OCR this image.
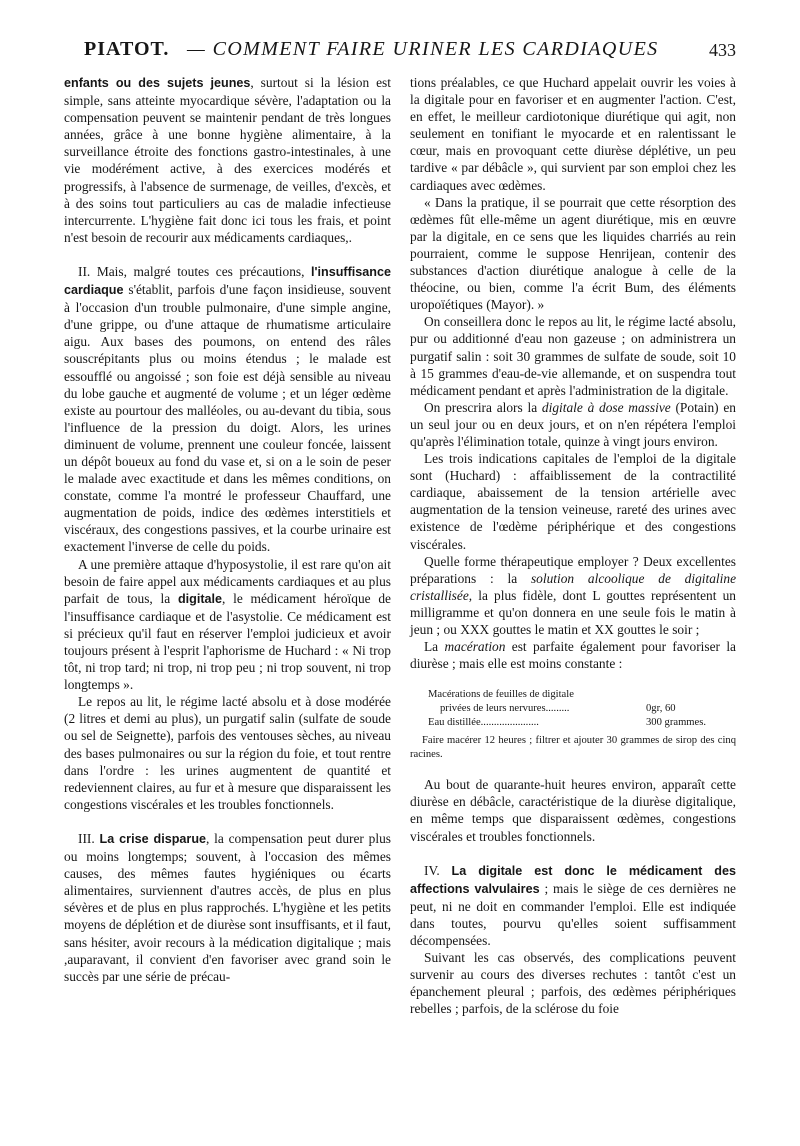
PIATOT. — COMMENT FAIRE URINER LES CARDIAQUES	433

enfants ou des sujets jeunes, surtout si la lésion est simple, sans atteinte myocardique sévère, l'adaptation ou la compensation peuvent se maintenir pendant de très longues années, grâce à une bonne hygiène alimentaire, à la surveillance étroite des fonctions gastro-intestinales, à une vie modérément active, à des exercices modérés et progressifs, à l'absence de surmenage, de veilles, d'excès, et à des soins tout particuliers au cas de maladie infectieuse intercurrente. L'hygiène fait donc ici tous les frais, et point n'est besoin de recourir aux médicaments cardiaques,.

II. Mais, malgré toutes ces précautions, l'insuffisance cardiaque s'établit, parfois d'une façon insidieuse, souvent à l'occasion d'un trouble pulmonaire, d'une simple angine, d'une grippe, ou d'une attaque de rhumatisme articulaire aigu. Aux bases des poumons, on entend des râles souscrépitants plus ou moins étendus ; le malade est essoufflé ou angoissé ; son foie est déjà sensible au niveau du lobe gauche et augmenté de volume ; et un léger œdème existe au pourtour des malléoles, ou au-devant du tibia, sous l'influence de la pression du doigt. Alors, les urines diminuent de volume, prennent une couleur foncée, laissent un dépôt boueux au fond du vase et, si on a le soin de peser le malade avec exactitude et dans les mêmes conditions, on constate, comme l'a montré le professeur Chauffard, une augmentation de poids, indice des œdèmes interstitiels et viscéraux, des congestions passives, et la courbe urinaire est exactement l'inverse de celle du poids.

A une première attaque d'hyposystolie, il est rare qu'on ait besoin de faire appel aux médicaments cardiaques et au plus parfait de tous, la digitale, le médicament héroïque de l'insuffisance cardiaque et de l'asystolie. Ce médicament est si précieux qu'il faut en réserver l'emploi judicieux et avoir toujours présent à l'esprit l'aphorisme de Huchard : « Ni trop tôt, ni trop tard; ni trop, ni trop peu ; ni trop souvent, ni trop longtemps ».

Le repos au lit, le régime lacté absolu et à dose modérée (2 litres et demi au plus), un purgatif salin (sulfate de soude ou sel de Seignette), parfois des ventouses sèches, au niveau des bases pulmonaires ou sur la région du foie, et tout rentre dans l'ordre : les urines augmentent de quantité et redeviennent claires, au fur et à mesure que disparaissent les congestions viscérales et les troubles fonctionnels.

III. La crise disparue, la compensation peut durer plus ou moins longtemps; souvent, à l'occasion des mêmes causes, des mêmes fautes hygiéniques ou écarts alimentaires, surviennent d'autres accès, de plus en plus sévères et de plus en plus rapprochés. L'hygiène et les petits moyens de déplétion et de diurèse sont insuffisants, et il faut, sans hésiter, avoir recours à la médication digitalique ; mais ,auparavant, il convient d'en favoriser avec grand soin le succès par une série de précau-

tions préalables, ce que Huchard appelait ouvrir les voies à la digitale pour en favoriser et en augmenter l'action. C'est, en effet, le meilleur cardiotonique diurétique qui agit, non seulement en tonifiant le myocarde et en ralentissant le cœur, mais en provoquant cette diurèse déplétive, un peu tardive « par débâcle », qui survient par son emploi chez les cardiaques avec œdèmes.

« Dans la pratique, il se pourrait que cette résorption des œdèmes fût elle-même un agent diurétique, mis en œuvre par la digitale, en ce sens que les liquides charriés au rein pourraient, comme le suppose Henrijean, contenir des substances d'action diurétique analogue à celle de la théocine, ou bien, comme l'a écrit Bum, des éléments uropoïétiques (Mayor). »

On conseillera donc le repos au lit, le régime lacté absolu, pur ou additionné d'eau non gazeuse ; on administrera un purgatif salin : soit 30 grammes de sulfate de soude, soit 10 à 15 grammes d'eau-de-vie allemande, et on suspendra tout médicament pendant et après l'administration de la digitale.

On prescrira alors la digitale à dose massive (Potain) en un seul jour ou en deux jours, et on n'en répétera l'emploi qu'après l'élimination totale, quinze à vingt jours environ.

Les trois indications capitales de l'emploi de la digitale sont (Huchard) : affaiblissement de la contractilité cardiaque, abaissement de la tension artérielle avec augmentation de la tension veineuse, rareté des urines avec existence de l'œdème périphérique et des congestions viscérales.

Quelle forme thérapeutique employer ? Deux excellentes préparations : la solution alcoolique de digitaline cristallisée, la plus fidèle, dont L gouttes représentent un milligramme et qu'on donnera en une seule fois le matin à jeun ; ou XXX gouttes le matin et XX gouttes le soir ;

La macération est parfaite également pour favoriser la diurèse ; mais elle est moins constante :

Macérations de feuilles de digitale
privées de leurs nervures.........	0gr, 60
Eau distillée......................	300 grammes.
Faire macérer 12 heures ; filtrer et ajouter 30 grammes de sirop des cinq racines.

Au bout de quarante-huit heures environ, apparaît cette diurèse en débâcle, caractéristique de la diurèse digitalique, en même temps que disparaissent œdèmes, congestions viscérales et troubles fonctionnels.

IV. La digitale est donc le médicament des affections valvulaires ; mais le siège de ces dernières ne peut, ni ne doit en commander l'emploi. Elle est indiquée dans toutes, pourvu qu'elles soient suffisamment décompensées.

Suivant les cas observés, des complications peuvent survenir au cours des diverses rechutes : tantôt c'est un épanchement pleural ; parfois, des œdèmes périphériques rebelles ; parfois, de la sclérose du foie
